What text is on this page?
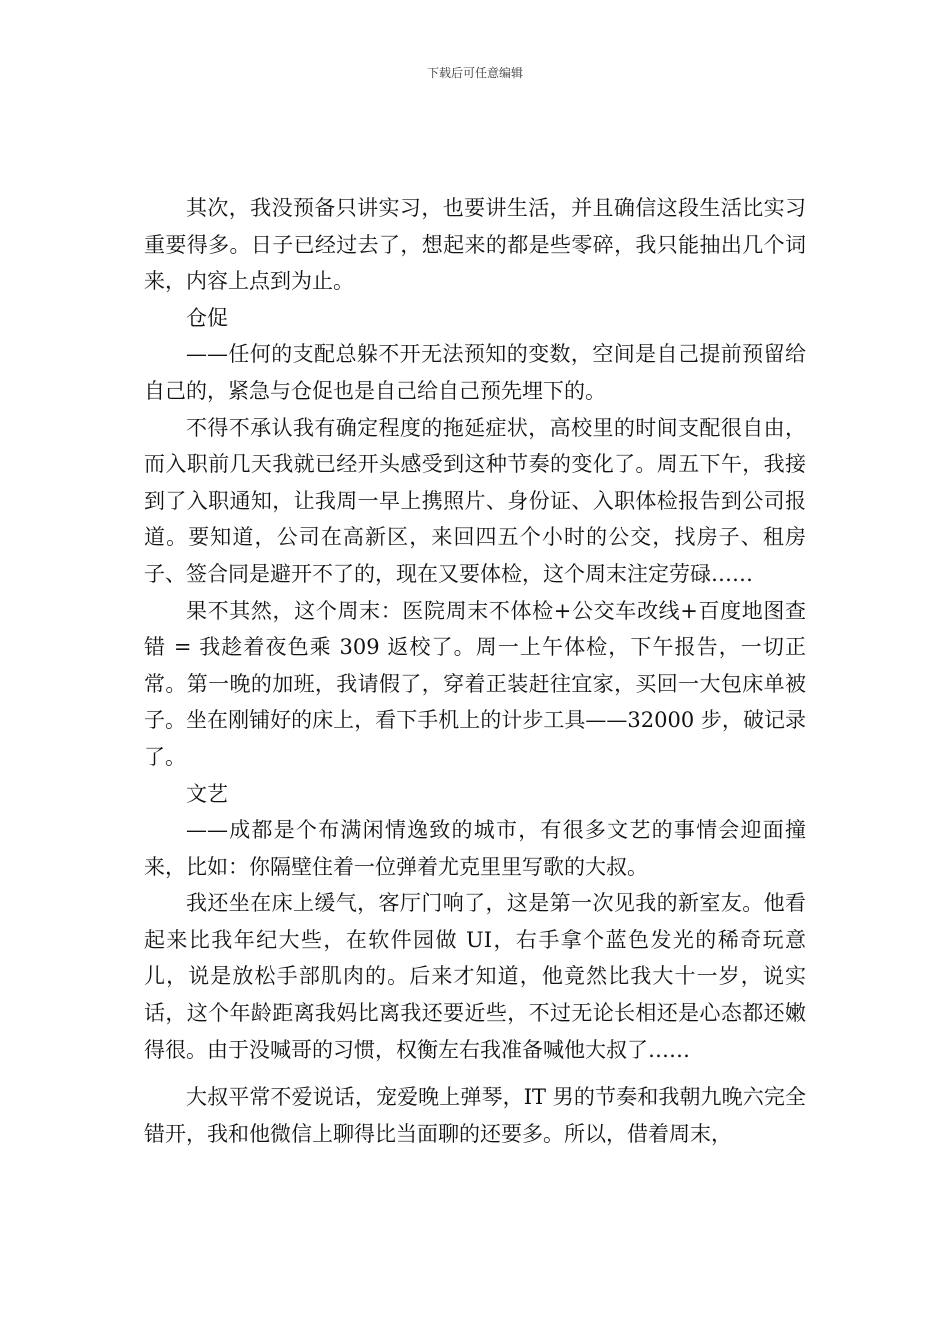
下载后可任意编辑

其次，我没预备只讲实习，也要讲生活，并且确信这段生活比实习重要得多。日子已经过去了，想起来的都是些零碎，我只能抽出几个词来，内容上点到为止。

仓促

——任何的支配总躲不开无法预知的变数，空间是自己提前预留给自己的，紧急与仓促也是自己给自己预先埋下的。

不得不承认我有确定程度的拖延症状，高校里的时间支配很自由，而入职前几天我就已经开头感受到这种节奏的变化了。周五下午，我接到了入职通知，让我周一早上携照片、身份证、入职体检报告到公司报道。要知道，公司在高新区，来回四五个小时的公交，找房子、租房子、签合同是避开不了的，现在又要体检，这个周末注定劳碌……

果不其然，这个周末：医院周末不体检+公交车改线+百度地图查错 = 我趁着夜色乘 309 返校了。周一上午体检，下午报告，一切正常。第一晚的加班，我请假了，穿着正装赶往宜家，买回一大包床单被子。坐在刚铺好的床上，看下手机上的计步工具——32000 步，破记录了。

文艺

——成都是个布满闲情逸致的城市，有很多文艺的事情会迎面撞来，比如：你隔壁住着一位弹着尤克里里写歌的大叔。

我还坐在床上缓气，客厅门响了，这是第一次见我的新室友。他看起来比我年纪大些，在软件园做 UI，右手拿个蓝色发光的稀奇玩意儿，说是放松手部肌肉的。后来才知道，他竟然比我大十一岁，说实话，这个年龄距离我妈比离我还要近些，不过无论长相还是心态都还嫩得很。由于没喊哥的习惯，权衡左右我准备喊他大叔了……

大叔平常不爱说话，宠爱晚上弹琴，IT 男的节奏和我朝九晚六完全错开，我和他微信上聊得比当面聊的还要多。所以，借着周末，
